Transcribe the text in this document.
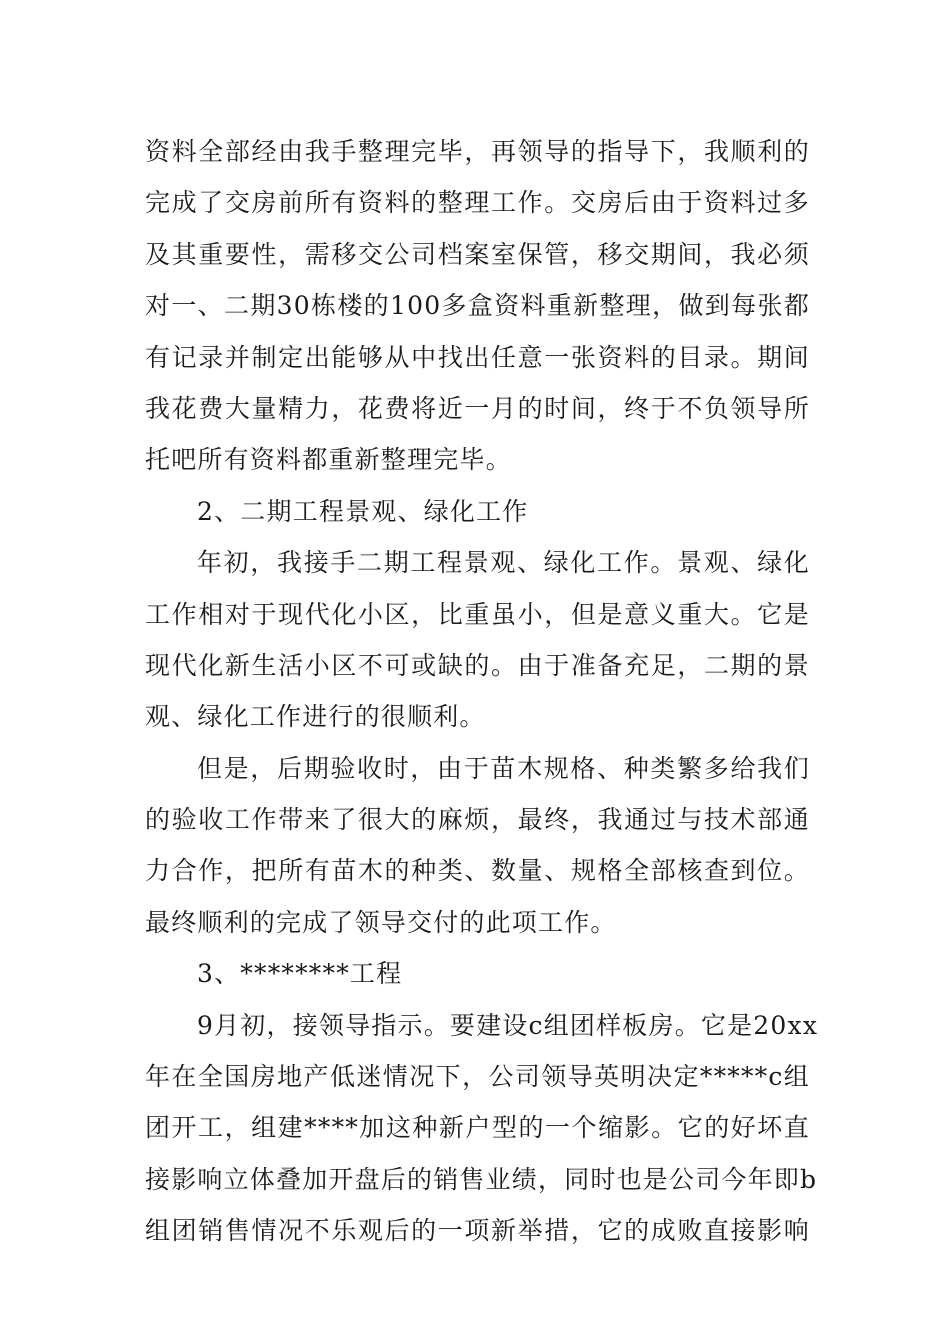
资料全部经由我手整理完毕，再领导的指导下，我顺利的
完成了交房前所有资料的整理工作。交房后由于资料过多
及其重要性，需移交公司档案室保管，移交期间，我必须
对一、二期30栋楼的100多盒资料重新整理，做到每张都
有记录并制定出能够从中找出任意一张资料的目录。期间
我花费大量精力，花费将近一月的时间，终于不负领导所
托吧所有资料都重新整理完毕。
2、二期工程景观、绿化工作
年初，我接手二期工程景观、绿化工作。景观、绿化
工作相对于现代化小区，比重虽小，但是意义重大。它是
现代化新生活小区不可或缺的。由于准备充足，二期的景
观、绿化工作进行的很顺利。
但是，后期验收时，由于苗木规格、种类繁多给我们
的验收工作带来了很大的麻烦，最终，我通过与技术部通
力合作，把所有苗木的种类、数量、规格全部核查到位。
最终顺利的完成了领导交付的此项工作。
3、********工程
9月初，接领导指示。要建设c组团样板房。它是20xx
年在全国房地产低迷情况下，公司领导英明决定*****c组
团开工，组建****加这种新户型的一个缩影。它的好坏直
接影响立体叠加开盘后的销售业绩，同时也是公司今年即b
组团销售情况不乐观后的一项新举措，它的成败直接影响
